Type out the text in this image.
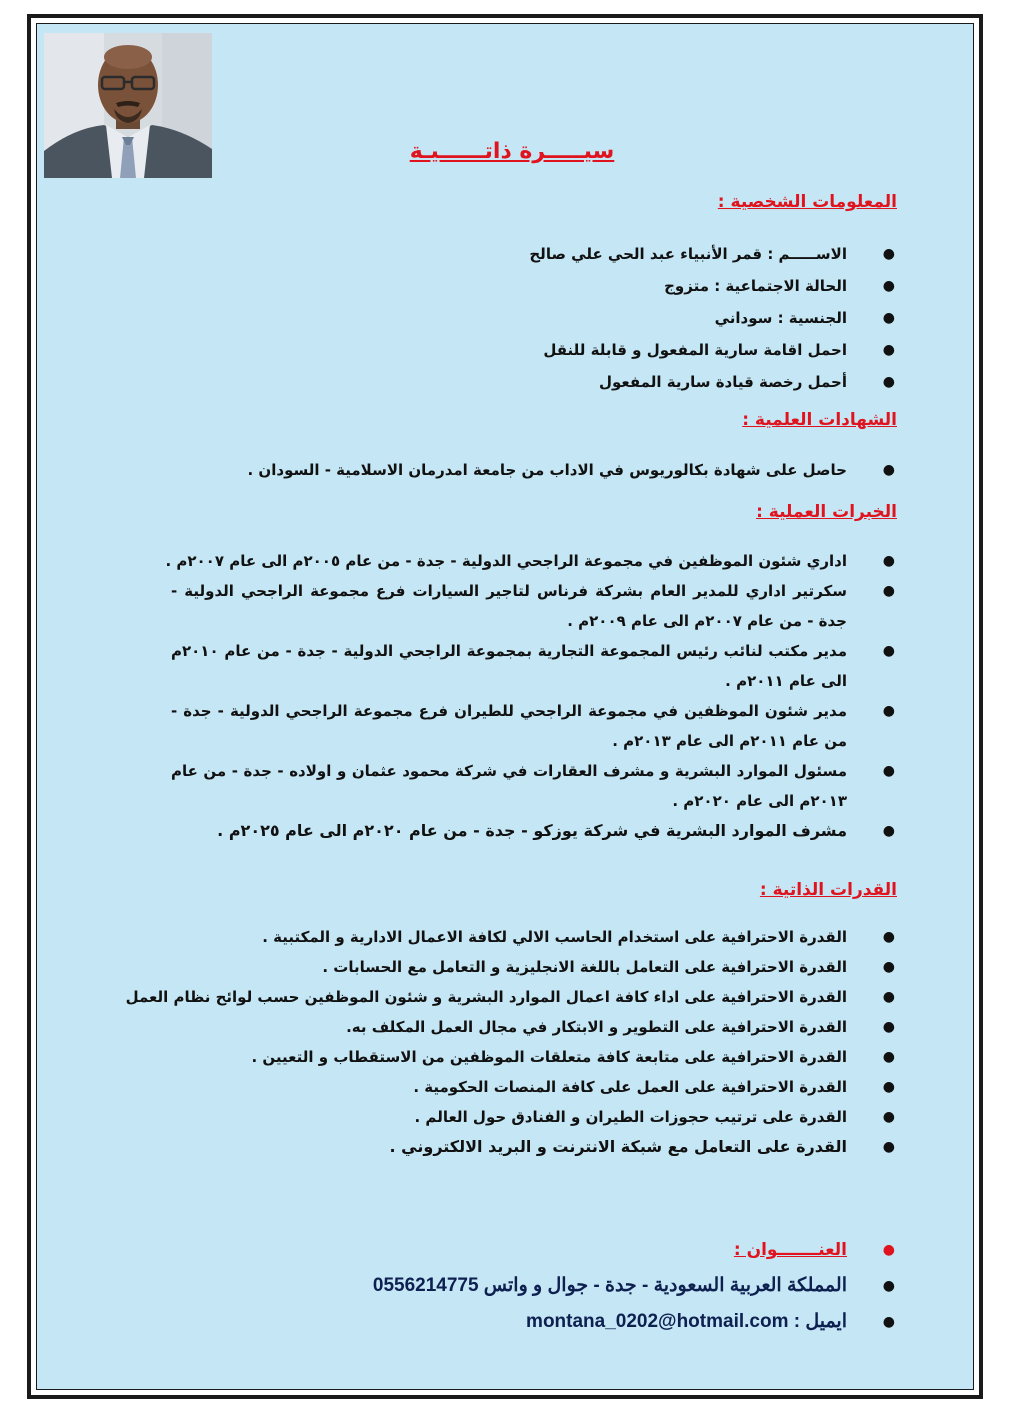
سيـــــرة ذاتــــــيـة
المعلومات الشخصية :
●
الاســـــم : قمر الأنبياء عبد الحي علي صالح
●
الحالة الاجتماعية : متزوج
●
الجنسية : سوداني
●
احمل اقامة سارية المفعول و قابلة للنقل
●
أحمل رخصة قيادة سارية المفعول
الشهادات العلمية :
●
حاصل على شهادة بكالوريوس في الاداب من جامعة امدرمان الاسلامية - السودان .
الخبرات العملية :
●
اداري شئون الموظفين في مجموعة الراجحي الدولية - جدة - من عام ٢٠٠٥م الى عام ٢٠٠٧م .
●
سكرتير اداري للمدير العام بشركة فرناس لتاجير السيارات فرع مجموعة الراجحي الدولية - جدة - من عام ٢٠٠٧م الى عام ٢٠٠٩م .
●
مدير مكتب لنائب رئيس المجموعة التجارية بمجموعة الراجحي الدولية - جدة - من عام ٢٠١٠م الى عام ٢٠١١م .
●
مدير شئون الموظفين في مجموعة الراجحي للطيران فرع مجموعة الراجحي الدولية - جدة - من عام ٢٠١١م الى عام ٢٠١٣م .
●
مسئول الموارد البشرية و مشرف العقارات في شركة محمود عثمان و اولاده - جدة - من عام ٢٠١٣م الى عام ٢٠٢٠م .
●
مشرف الموارد البشرية في شركة يوزكو - جدة - من عام ٢٠٢٠م الى عام ٢٠٢٥م .
القدرات الذاتية :
●
القدرة الاحترافية على استخدام الحاسب الالي لكافة الاعمال الادارية و المكتبية .
●
القدرة الاحترافية على التعامل باللغة الانجليزية و التعامل مع الحسابات .
●
القدرة الاحترافية على اداء كافة اعمال الموارد البشرية و شئون الموظفين حسب لوائح نظام العمل
●
القدرة الاحترافية على التطوير و الابتكار في مجال العمل المكلف به.
●
القدرة الاحترافية على متابعة كافة متعلقات الموظفين من الاستقطاب و التعيين .
●
القدرة الاحترافية على العمل على كافة المنصات الحكومية .
●
القدرة على ترتيب حجوزات الطيران و الفنادق حول العالم .
●
القدرة على التعامل مع شبكة الانترنت و البريد الالكتروني .
●
العنـــــــوان :
●
المملكة العربية السعودية - جدة - جوال و واتس 0556214775
●
ايميل : montana_0202@hotmail.com
